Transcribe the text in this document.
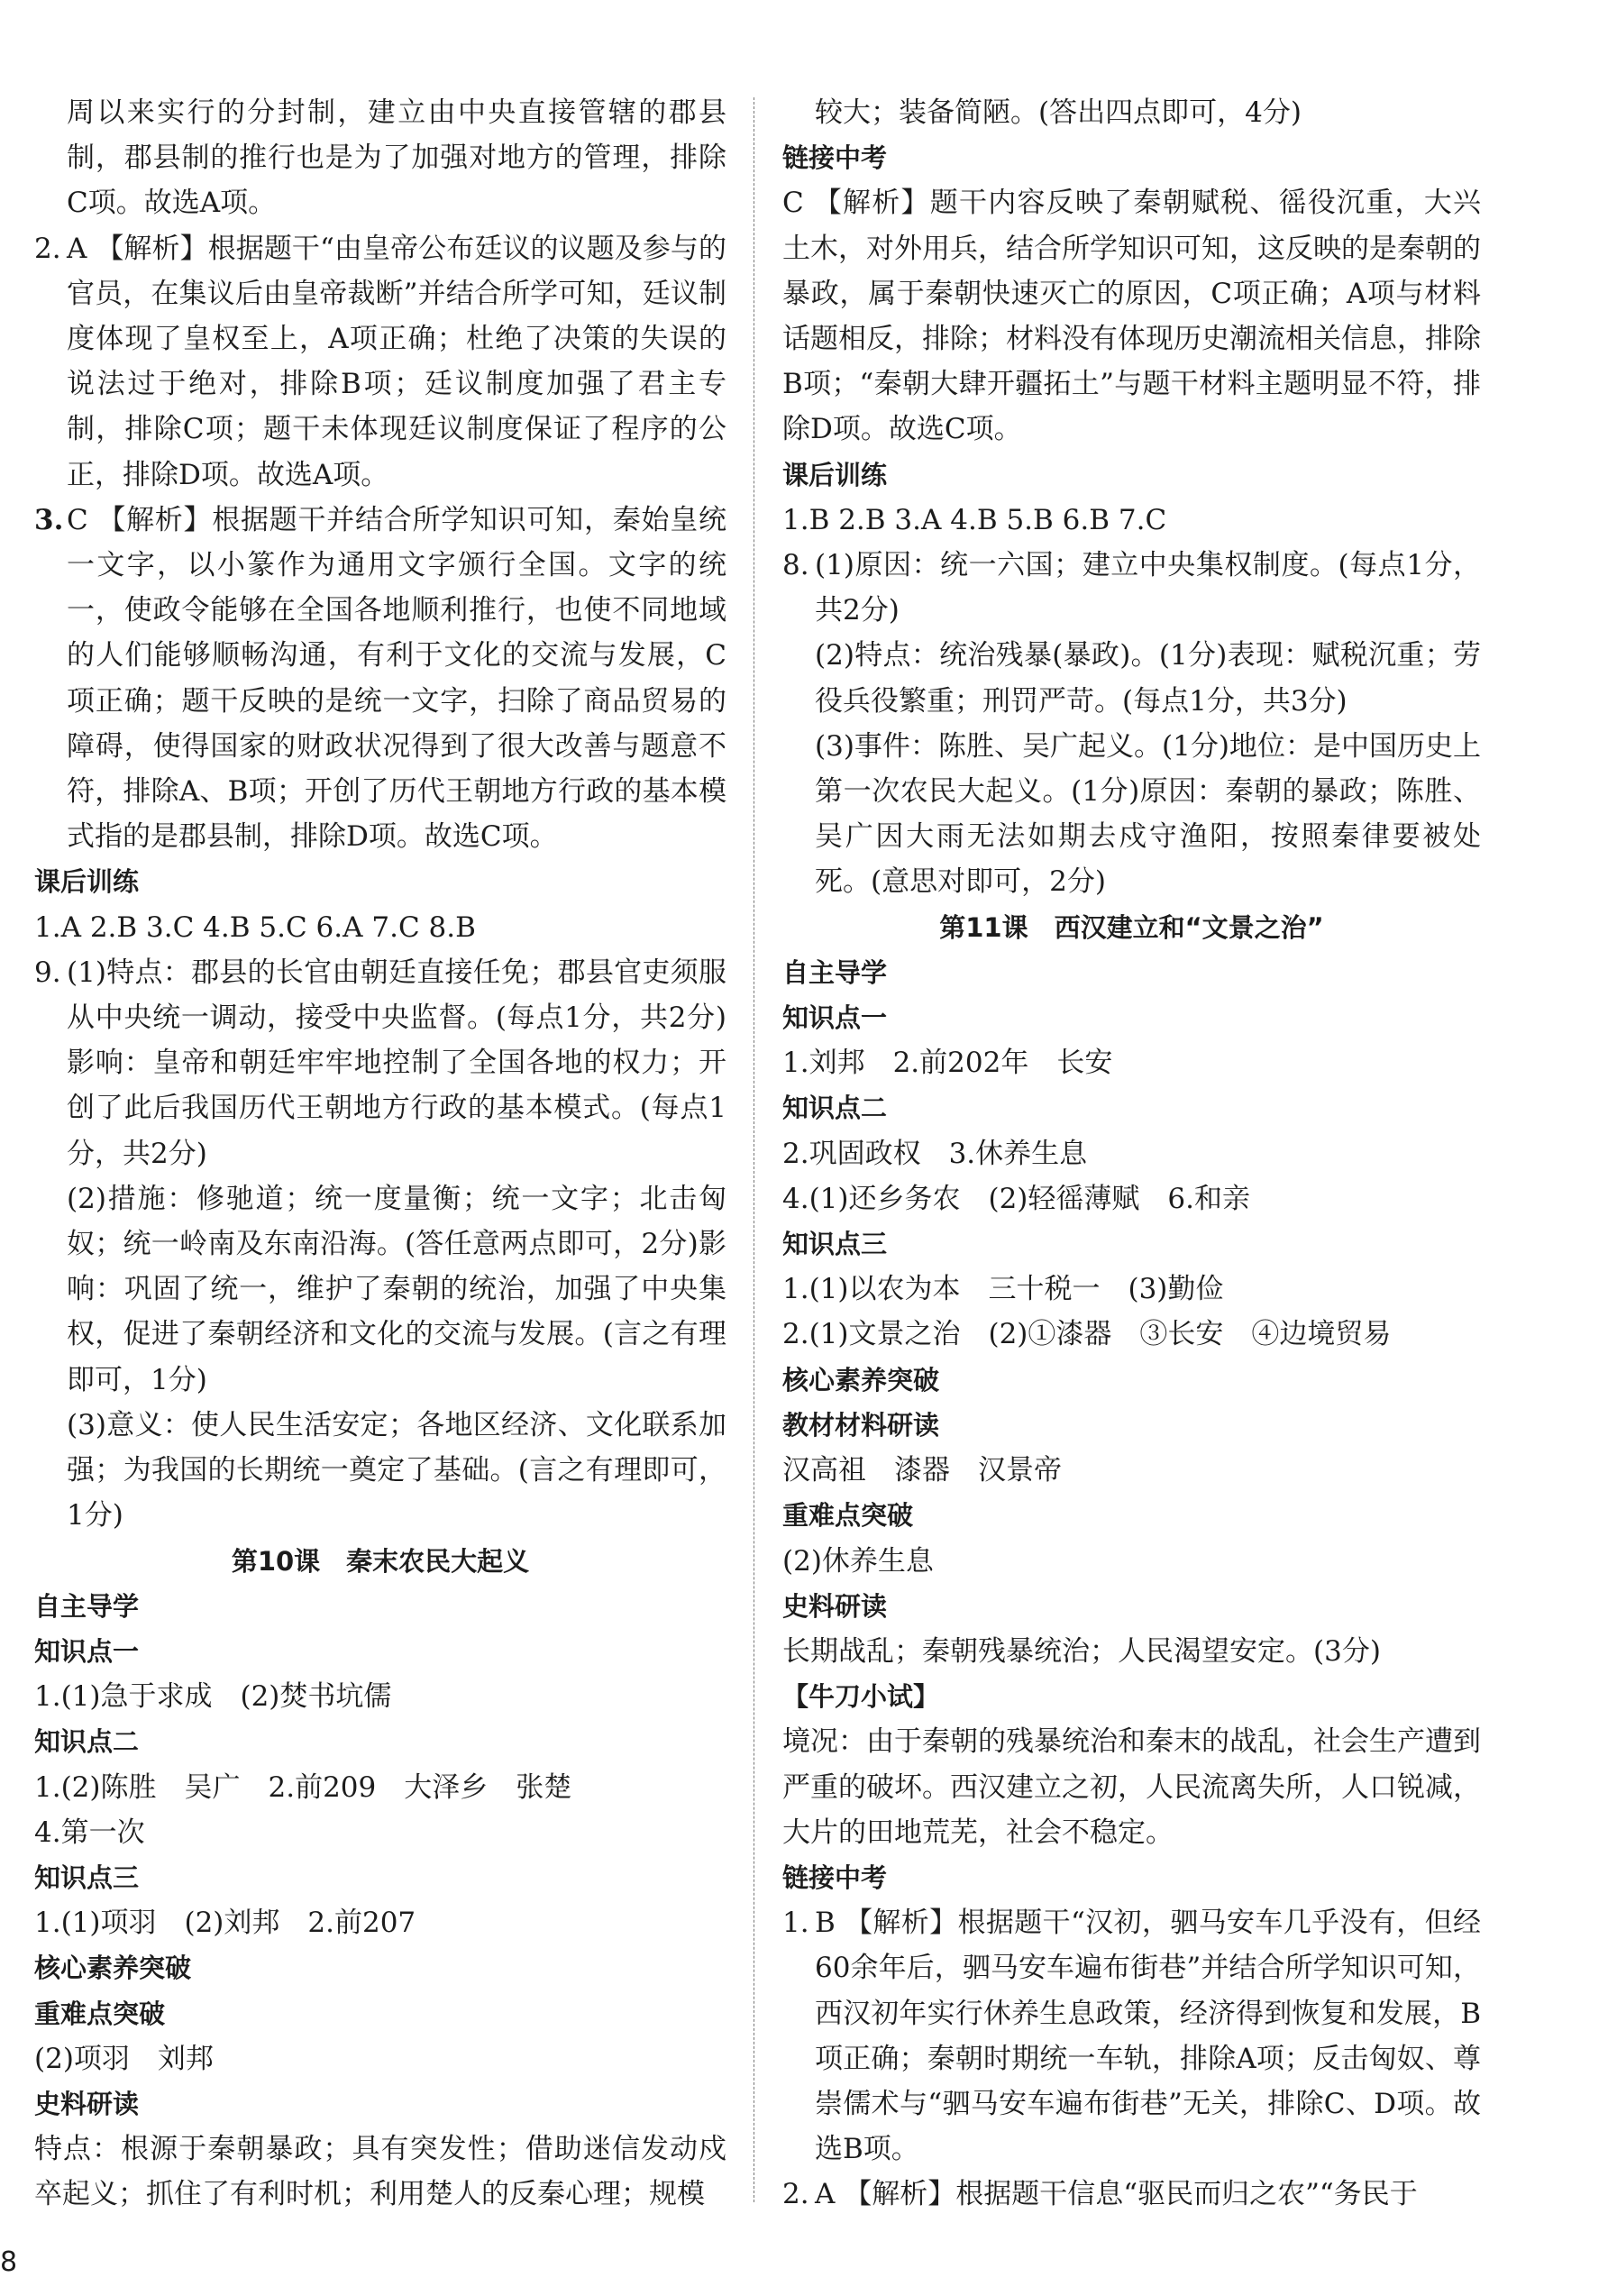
周以来实行的分封制，建立由中央直接管辖的郡县制，郡县制的推行也是为了加强对地方的管理，排除C项。故选A项。

2. A 【解析】根据题干“由皇帝公布廷议的议题及参与的官员，在集议后由皇帝裁断”并结合所学可知，廷议制度体现了皇权至上，A项正确；杜绝了决策的失误的说法过于绝对，排除B项；廷议制度加强了君主专制，排除C项；题干未体现廷议制度保证了程序的公正，排除D项。故选A项。
3. C 【解析】根据题干并结合所学知识可知，秦始皇统一文字，以小篆作为通用文字颁行全国。文字的统一，使政令能够在全国各地顺利推行，也使不同地域的人们能够顺畅沟通，有利于文化的交流与发展，C项正确；题干反映的是统一文字，扫除了商品贸易的障碍，使得国家的财政状况得到了很大改善与题意不符，排除A、B项；开创了历代王朝地方行政的基本模式指的是郡县制，排除D项。故选C项。

课后训练

1.A 2.B 3.C 4.B 5.C 6.A 7.C 8.B

9. (1)特点：郡县的长官由朝廷直接任免；郡县官吏须服从中央统一调动，接受中央监督。(每点1分，共2分)影响：皇帝和朝廷牢牢地控制了全国各地的权力；开创了此后我国历代王朝地方行政的基本模式。(每点1分，共2分)

(2)措施：修驰道；统一度量衡；统一文字；北击匈奴；统一岭南及东南沿海。(答任意两点即可，2分)影响：巩固了统一，维护了秦朝的统治，加强了中央集权，促进了秦朝经济和文化的交流与发展。(言之有理即可，1分)

(3)意义：使人民生活安定；各地区经济、文化联系加强；为我国的长期统一奠定了基础。(言之有理即可，1分)

第10课　秦末农民大起义

自主导学

知识点一

1.(1)急于求成　(2)焚书坑儒

知识点二

1.(2)陈胜　吴广　2.前209　大泽乡　张楚

4.第一次

知识点三

1.(1)项羽　(2)刘邦　2.前207

核心素养突破

重难点突破

(2)项羽　刘邦

史料研读

特点：根源于秦朝暴政；具有突发性；借助迷信发动戍卒起义；抓住了有利时机；利用楚人的反秦心理；规模

较大；装备简陋。(答出四点即可，4分)

链接中考

C 【解析】题干内容反映了秦朝赋税、徭役沉重，大兴土木，对外用兵，结合所学知识可知，这反映的是秦朝的暴政，属于秦朝快速灭亡的原因，C项正确；A项与材料话题相反，排除；材料没有体现历史潮流相关信息，排除B项；“秦朝大肆开疆拓土”与题干材料主题明显不符，排除D项。故选C项。

课后训练

1.B 2.B 3.A 4.B 5.B 6.B 7.C

8. (1)原因：统一六国；建立中央集权制度。(每点1分，共2分)

(2)特点：统治残暴(暴政)。(1分)表现：赋税沉重；劳役兵役繁重；刑罚严苛。(每点1分，共3分)

(3)事件：陈胜、吴广起义。(1分)地位：是中国历史上第一次农民大起义。(1分)原因：秦朝的暴政；陈胜、吴广因大雨无法如期去戍守渔阳，按照秦律要被处死。(意思对即可，2分)

第11课　西汉建立和“文景之治”

自主导学

知识点一

1.刘邦　2.前202年　长安

知识点二

2.巩固政权　3.休养生息

4.(1)还乡务农　(2)轻徭薄赋　6.和亲

知识点三

1.(1)以农为本　三十税一　(3)勤俭

2.(1)文景之治　(2)①漆器　③长安　④边境贸易

核心素养突破

教材材料研读

汉高祖　漆器　汉景帝

重难点突破

(2)休养生息

史料研读

长期战乱；秦朝残暴统治；人民渴望安定。(3分)

【牛刀小试】

境况：由于秦朝的残暴统治和秦末的战乱，社会生产遭到严重的破坏。西汉建立之初，人民流离失所，人口锐减，大片的田地荒芜，社会不稳定。

链接中考

1. B 【解析】根据题干“汉初，驷马安车几乎没有，但经60余年后，驷马安车遍布街巷”并结合所学知识可知，西汉初年实行休养生息政策，经济得到恢复和发展，B项正确；秦朝时期统一车轨，排除A项；反击匈奴、尊崇儒术与“驷马安车遍布街巷”无关，排除C、D项。故选B项。
2. A 【解析】根据题干信息“驱民而归之农”“务民于
8
